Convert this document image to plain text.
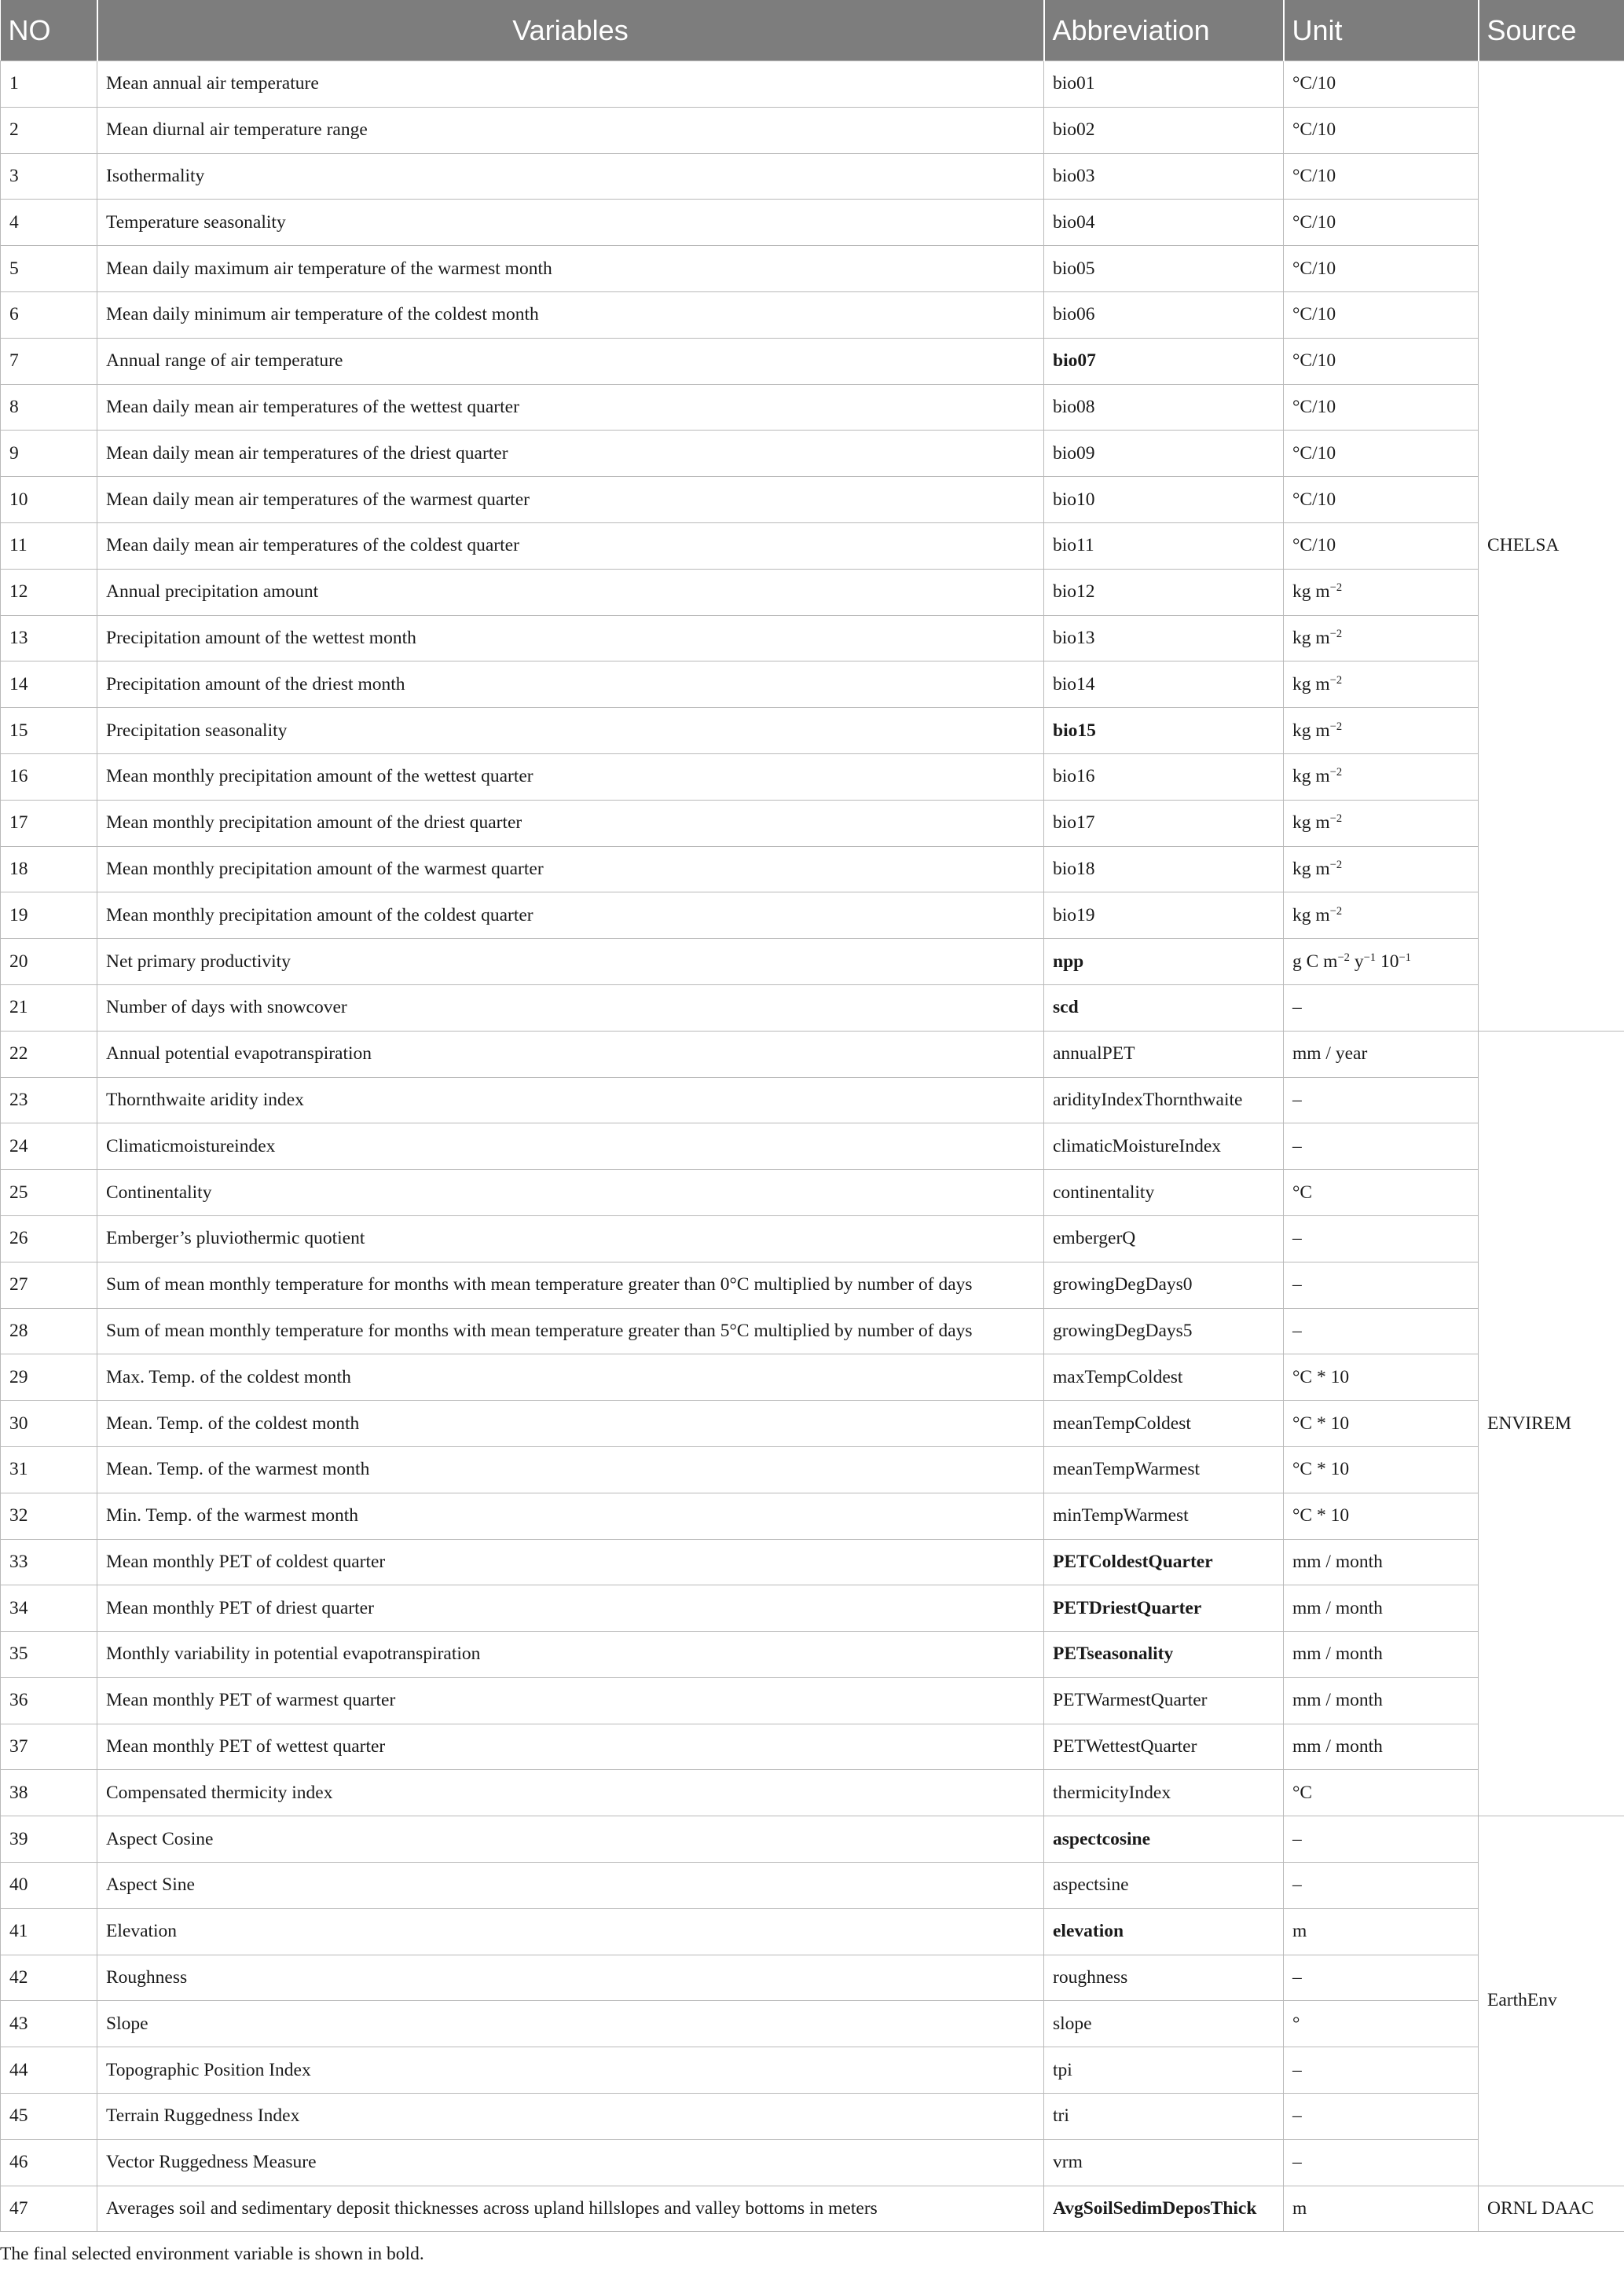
NO	Variables	Abbreviation	Unit	Source
1	Mean annual air temperature	bio01	°C/10	CHELSA
2	Mean diurnal air temperature range	bio02	°C/10	
3	Isothermality	bio03	°C/10	
4	Temperature seasonality	bio04	°C/10	
5	Mean daily maximum air temperature of the warmest month	bio05	°C/10	
6	Mean daily minimum air temperature of the coldest month	bio06	°C/10	
7	Annual range of air temperature	bio07	°C/10	
8	Mean daily mean air temperatures of the wettest quarter	bio08	°C/10	
9	Mean daily mean air temperatures of the driest quarter	bio09	°C/10	
10	Mean daily mean air temperatures of the warmest quarter	bio10	°C/10	
11	Mean daily mean air temperatures of the coldest quarter	bio11	°C/10	
12	Annual precipitation amount	bio12	kg $m^{-2}$
13	Precipitation amount of the wettest month	bio13	kg $m^{-2}$
14	Precipitation amount of the driest month	bio14	kg $m^{-2}$
15	Precipitation seasonality	bio15	kg $m^{-2}$
16	Mean monthly precipitation amount of the wettest quarter	bio16	kg $m^{-2}$
17	Mean monthly precipitation amount of the driest quarter	bio17	kg $m^{-2}$
18	Mean monthly precipitation amount of the warmest quarter	bio18	kg $m^{-2}$
19	Mean monthly precipitation amount of the coldest quarter	bio19	kg $m^{-2}$
20	Net primary productivity	npp	g C $m^{-2}$ $y^{-1}$ $10^{-1}$
21	Number of days with snowcover	scd	–	
22	Annual potential evapotranspiration	annualPET	mm / year	ENVIREM
23	Thornthwaite aridity index	aridityIndexThornthwaite	–	
24	Climaticmoistureindex	climaticMoistureIndex	–	
25	Continentality	continentality	°C	
26	Emberger’s pluviothermic quotient	embergerQ	–	
27	Sum of mean monthly temperature for months with mean temperature greater than 0°C multiplied by number of days	growingDegDays0	–	
28	Sum of mean monthly temperature for months with mean temperature greater than 5°C multiplied by number of days	growingDegDays5	–	
29	Max. Temp. of the coldest month	maxTempColdest	°C * 10	
30	Mean. Temp. of the coldest month	meanTempColdest	°C * 10	
31	Mean. Temp. of the warmest month	meanTempWarmest	°C * 10	
32	Min. Temp. of the warmest month	minTempWarmest	°C * 10	
33	Mean monthly PET of coldest quarter	PETColdestQuarter	mm / month	
34	Mean monthly PET of driest quarter	PETDriestQuarter	mm / month	
35	Monthly variability in potential evapotranspiration	PETseasonality	mm / month	
36	Mean monthly PET of warmest quarter	PETWarmestQuarter	mm / month	
37	Mean monthly PET of wettest quarter	PETWettestQuarter	mm / month	
38	Compensated thermicity index	thermicityIndex	°C	
39	Aspect Cosine	aspectcosine	–	EarthEnv
40	Aspect Sine	aspectsine	–	
41	Elevation	elevation	m	
42	Roughness	roughness	–	
43	Slope	slope	°	
44	Topographic Position Index	tpi	–	
45	Terrain Ruggedness Index	tri	–	
46	Vector Ruggedness Measure	vrm	–	
47	Averages soil and sedimentary deposit thicknesses across upland hillslopes and valley bottoms in meters	AvgSoilSedimDeposThick	m	ORNL DAAC
The final selected environment variable is shown in bold.
